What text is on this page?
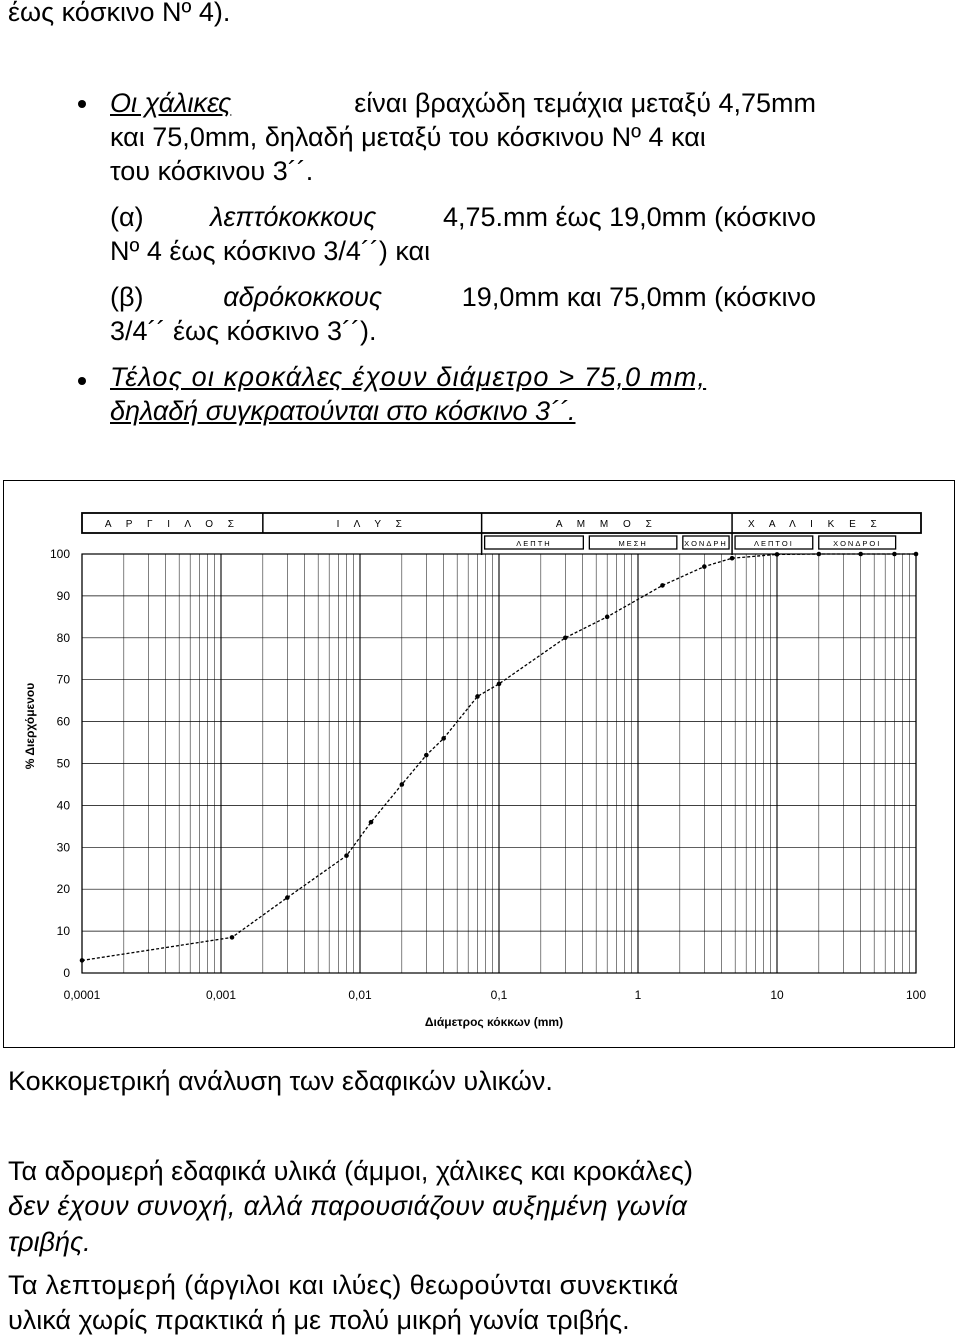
έως κόσκινο Nº 4).
Οι χάλικες	είναι βραχώδη τεμάχια μεταξύ 4,75mm
και 75,0mm, δηλαδή μεταξύ του κόσκινου Nº 4 και
του κόσκινου 3´´.
(α) λεπτόκοκκους 4,75.mm έως 19,0mm (κόσκινο
Nº 4 έως κόσκινο 3/4´´) και
(β)	αδρόκοκκους	19,0mm και 75,0mm (κόσκινο
3/4´´ έως κόσκινο 3´´).
Τέλος οι κροκάλες έχουν διάμετρο > 75,0 mm,
δηλαδή συγκρατούνται στο κόσκινο 3´´.
Α Ρ Γ Ι Λ Ο Σ	Ι Λ Υ Σ	Α Μ Μ Ο Σ	Χ Α Λ Ι Κ Ε Σ
ΛΕΠΤΗ	ΜΕΣΗ	ΧΟΝΔΡΗ	ΛΕΠΤΟΙ	ΧΟΝΔΡΟΙ
0
10
20
30
40
50
60
70
80
90
100
0,0001	0,001	0,01	0,1	1	10	100
Διάμετρος κόκκων (mm)
% Διερχόμενου
Κοκκομετρική ανάλυση των εδαφικών υλικών.
Τα αδρομερή εδαφικά υλικά (άμμοι, χάλικες και κροκάλες)
δεν έχουν συνοχή, αλλά παρουσιάζουν αυξημένη γωνία
τριβής.
Τα λεπτομερή (άργιλοι και ιλύες) θεωρούνται συνεκτικά
υλικά χωρίς πρακτικά ή με πολύ μικρή γωνία τριβής.
